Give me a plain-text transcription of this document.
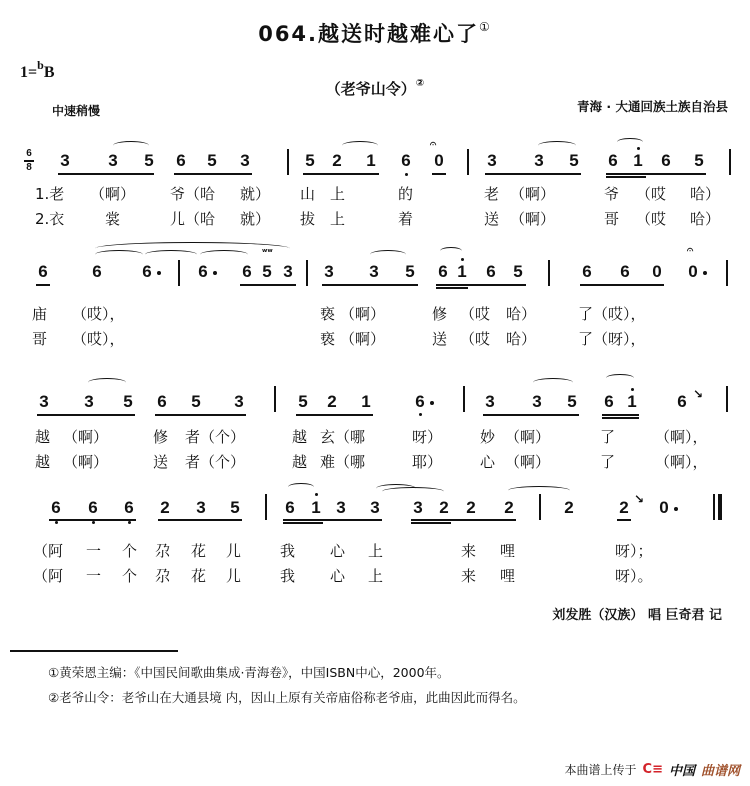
064.越送时越难心了①
1=$^b$B
（老爷山令）②
中速稍慢	青海 · 大通回族土族自治县
6
8
𝄐
3 3 5 6 5 3	5 2 1 6 0	3 3 5 6 1 6 5
1.老 （啊） 爷（哈 就） 山 上	的	老 （啊）	爷 （哎 哈）
2.衣	裳	儿（哈 就） 拔 上	着	送 （啊）	哥 （哎 哈）
𝄐
ʷʷ
6	6 6	6 6 5 3 3 3 5 6 1 6 5	6 6 0 0
庙 （哎），	亵 （啊）	修 （哎 哈）	了（哎），
哥 （哎），	亵 （啊）	送 （哎 哈）	了（呀），
3 3 5 6 5 3	5 2 1	6	3 3 5 6 1 6 ↘
越 （啊）	修 者 （个）	越 玄（哪	呀）	妙 （啊）	了	（啊），
越 （啊）	送 者 （个）	越 难（哪	耶）	心 （啊）	了	（啊），
6 6 6 2 3 5	6 1 3 3 3 2 2 2	2	2 ↘ 0
（阿 一 个 尕 花 儿	我 心 上	来 哩	呀）；
（阿 一 个 尕 花 儿	我 心 上	来 哩	呀）。
刘发胜（汉族） 唱 巨奇君 记
①黄荣恩主编：《中国民间歌曲集成·青海卷》，中国ISBN中心，2000年。
②老爷山令：老爷山在大通县境 内，因山上原有关帝庙俗称老爷庙，此曲因此而得名。
本曲谱上传于 C≡ 中国 曲谱网
